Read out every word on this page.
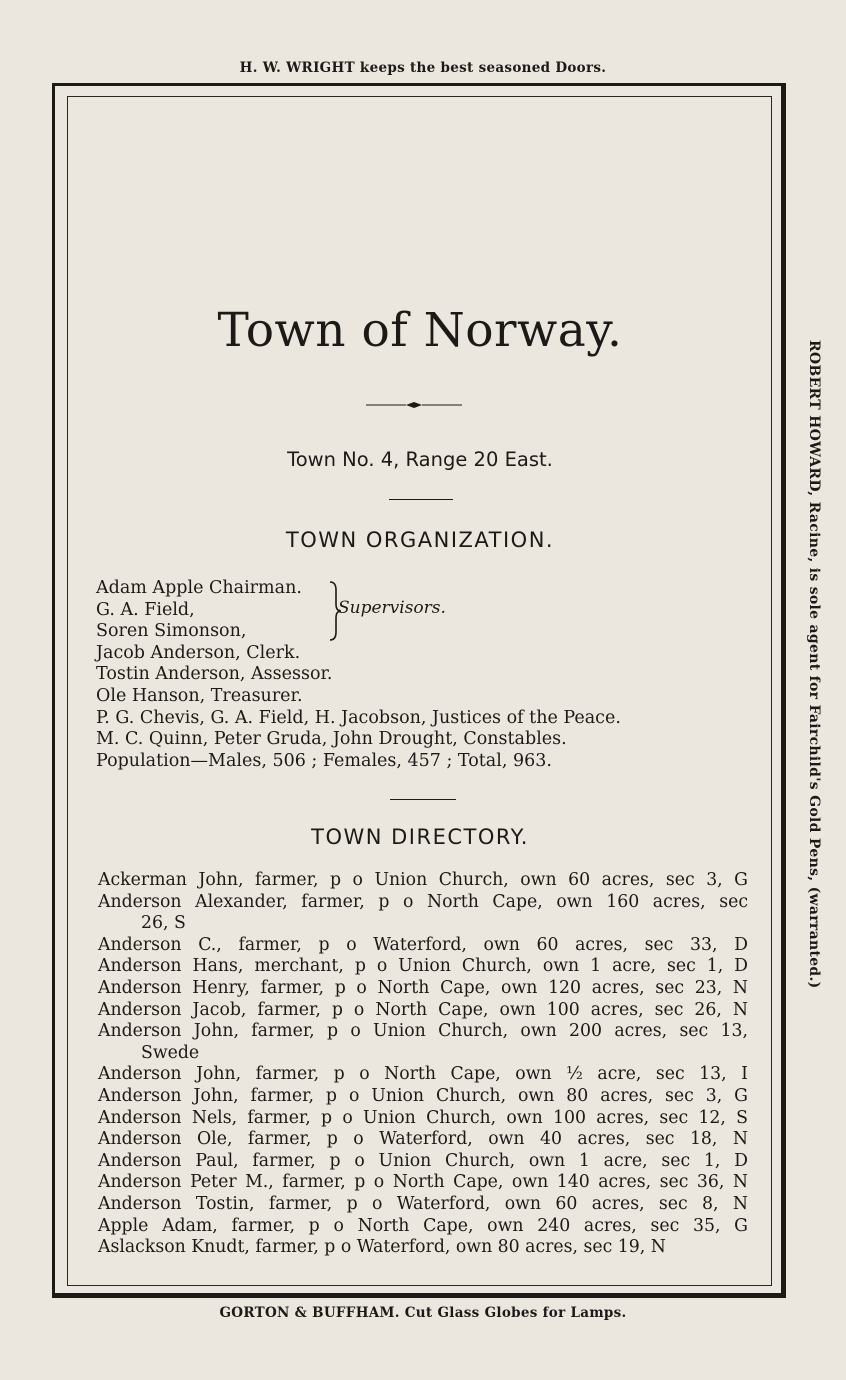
H. W. WRIGHT keeps the best seasoned Doors.
ROBERT HOWARD, Racine, is sole agent for Fairchild's Gold Pens, (warranted.)
Town of Norway.
Town No. 4, Range 20 East.
TOWN ORGANIZATION.
Supervisors.
Adam Apple Chairman.
G. A. Field,
Soren Simonson,
Jacob Anderson, Clerk.
Tostin Anderson, Assessor.
Ole Hanson, Treasurer.
P. G. Chevis, G. A. Field, H. Jacobson, Justices of the Peace.
M. C. Quinn, Peter Gruda, John Drought, Constables.
Population—Males, 506 ; Females, 457 ; Total, 963.
TOWN DIRECTORY.
Ackerman John, farmer, p o Union Church, own 60 acres, sec 3, G
Anderson Alexander, farmer, p o North Cape, own 160 acres, sec
26, S
Anderson C., farmer, p o Waterford, own 60 acres, sec 33, D
Anderson Hans, merchant, p o Union Church, own 1 acre, sec 1, D
Anderson Henry, farmer, p o North Cape, own 120 acres, sec 23, N
Anderson Jacob, farmer, p o North Cape, own 100 acres, sec 26, N
Anderson John, farmer, p o Union Church, own 200 acres, sec 13,
Swede
Anderson John, farmer, p o North Cape, own ½ acre, sec 13, I
Anderson John, farmer, p o Union Church, own 80 acres, sec 3, G
Anderson Nels, farmer, p o Union Church, own 100 acres, sec 12, S
Anderson Ole, farmer, p o Waterford, own 40 acres, sec 18, N
Anderson Paul, farmer, p o Union Church, own 1 acre, sec 1, D
Anderson Peter M., farmer, p o North Cape, own 140 acres, sec 36, N
Anderson Tostin, farmer, p o Waterford, own 60 acres, sec 8, N
Apple Adam, farmer, p o North Cape, own 240 acres, sec 35, G
Aslackson Knudt, farmer, p o Waterford, own 80 acres, sec 19, N
GORTON & BUFFHAM. Cut Glass Globes for Lamps.
